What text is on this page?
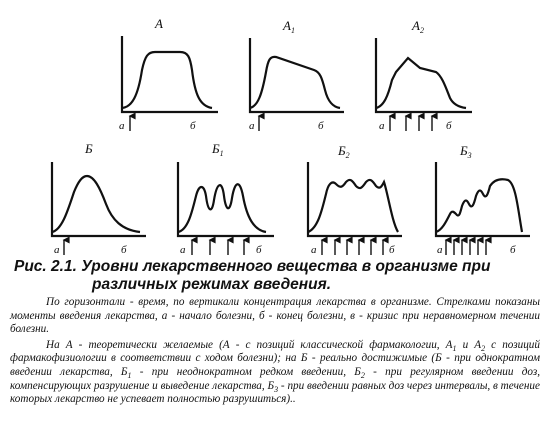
А
а	б
$А_1$
а	б
$А_2$
а	б
Б
а	б
$Б_1$
а	б
$Б_2$
а	б
$Б_3$
а	б
Рис. 2.1. Уровни лекарственного вещества в организме при
различных режимах введения.

По горизонтали - время, по вертикали концентрация лекарства в организме. Стрелками показаны моменты введения лекарства, а - начало болезни, б - конец болезни, в - кризис при неравномерном течении болезни.

На А - теоретически желаемые (А - с позиций классической фармакологии, $А_1$ и $А_2$ с позиций фармакофизиологии в соответствии с ходом болезни); на Б - реально достижимые (Б - при однократном введении лекарства, $Б_1$ - при неоднократном редком введении, $Б_2$ - при регулярном введении доз, компенсирующих разрушение и выведение лекарства, $Б_3$ - при введении равных доз через интервалы, в течение которых лекарство не успевает полностью разрушиться)..
